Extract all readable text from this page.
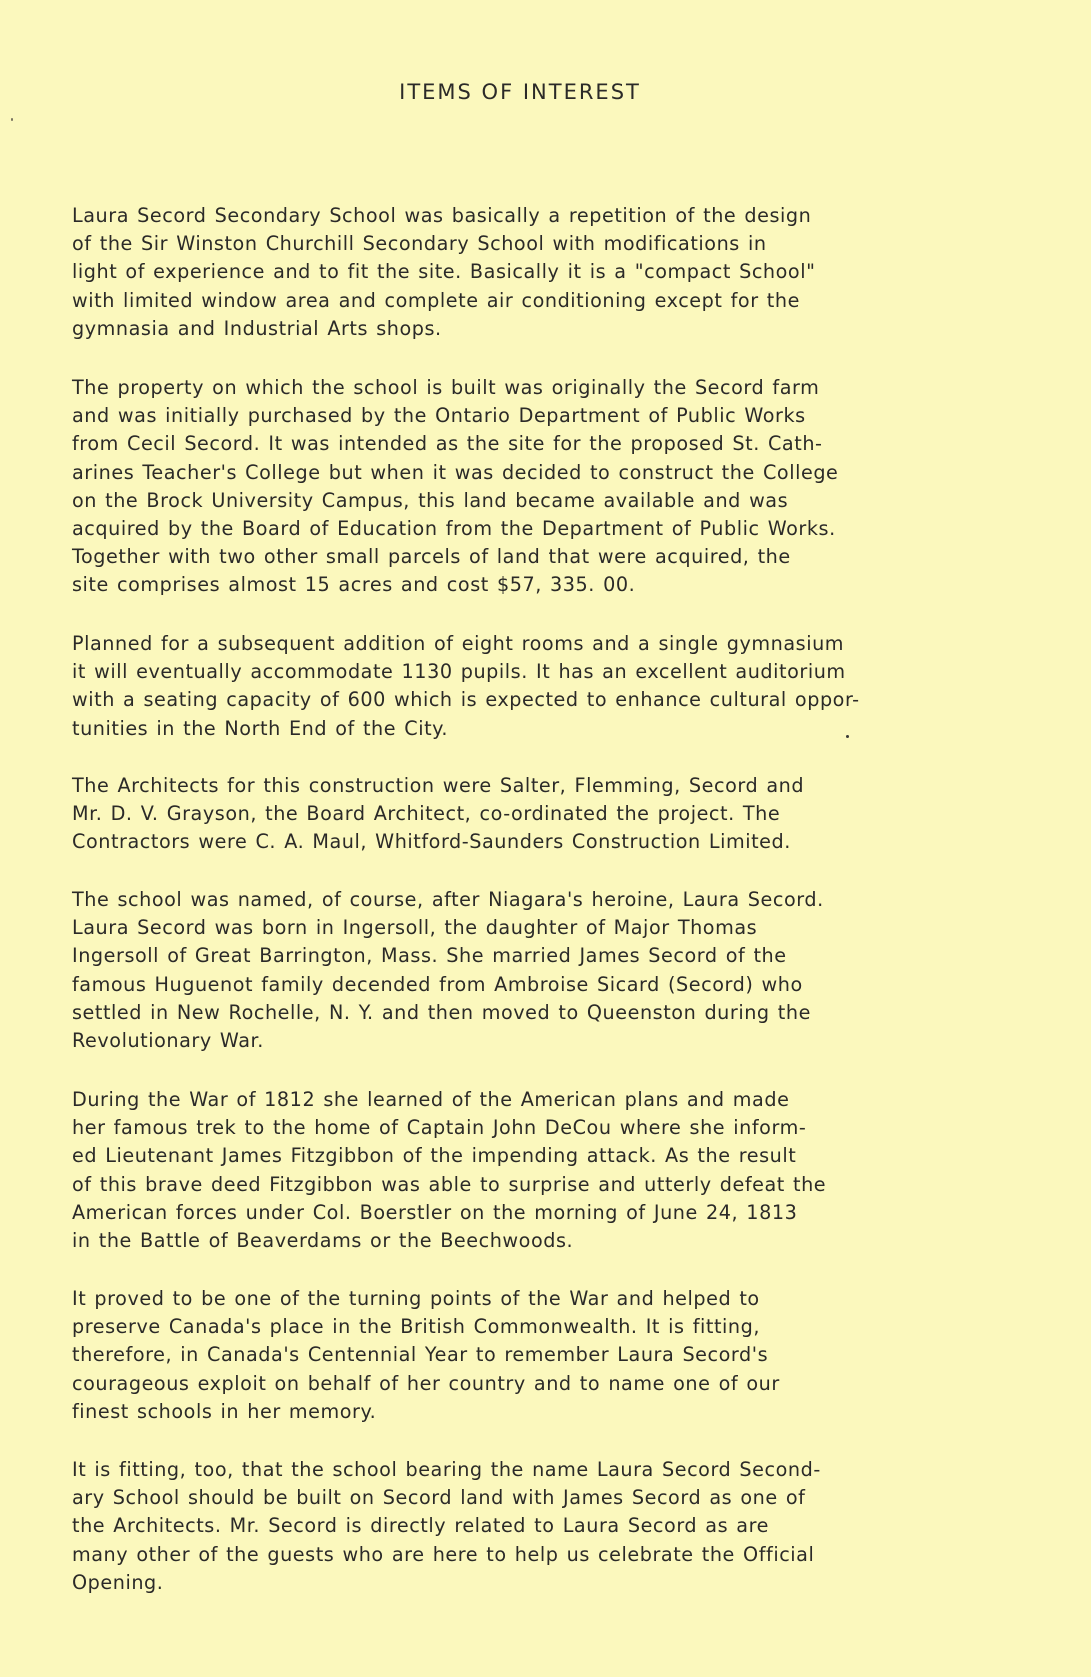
ITEMS OF INTEREST

Laura Secord Secondary School was basically a repetition of the design
of the Sir Winston Churchill Secondary School with modifications in
light of experience and to fit the site. Basically it is a "compact School"
with limited window area and complete air conditioning except for the
gymnasia and Industrial Arts shops.

The property on which the school is built was originally the Secord farm
and was initially purchased by the Ontario Department of Public Works
from Cecil Secord. It was intended as the site for the proposed St. Cath-
arines Teacher's College but when it was decided to construct the College
on the Brock University Campus, this land became available and was
acquired by the Board of Education from the Department of Public Works.
Together with two other small parcels of land that were acquired, the
site comprises almost 15 acres and cost $57, 335. 00.

Planned for a subsequent addition of eight rooms and a single gymnasium
it will eventually accommodate 1130 pupils. It has an excellent auditorium
with a seating capacity of 600 which is expected to enhance cultural oppor-
tunities in the North End of the City.

The Architects for this construction were Salter, Flemming, Secord and
Mr. D. V. Grayson, the Board Architect, co-ordinated the project. The
Contractors were C. A. Maul, Whitford-Saunders Construction Limited.

The school was named, of course, after Niagara's heroine, Laura Secord.
Laura Secord was born in Ingersoll, the daughter of Major Thomas
Ingersoll of Great Barrington, Mass. She married James Secord of the
famous Huguenot family decended from Ambroise Sicard (Secord) who
settled in New Rochelle, N. Y. and then moved to Queenston during the
Revolutionary War.

During the War of 1812 she learned of the American plans and made
her famous trek to the home of Captain John DeCou where she inform-
ed Lieutenant James Fitzgibbon of the impending attack. As the result
of this brave deed Fitzgibbon was able to surprise and utterly defeat the
American forces under Col. Boerstler on the morning of June 24, 1813
in the Battle of Beaverdams or the Beechwoods.

It proved to be one of the turning points of the War and helped to
preserve Canada's place in the British Commonwealth. It is fitting,
therefore, in Canada's Centennial Year to remember Laura Secord's
courageous exploit on behalf of her country and to name one of our
finest schools in her memory.

It is fitting, too, that the school bearing the name Laura Secord Second-
ary School should be built on Secord land with James Secord as one of
the Architects. Mr. Secord is directly related to Laura Secord as are
many other of the guests who are here to help us celebrate the Official
Opening.
